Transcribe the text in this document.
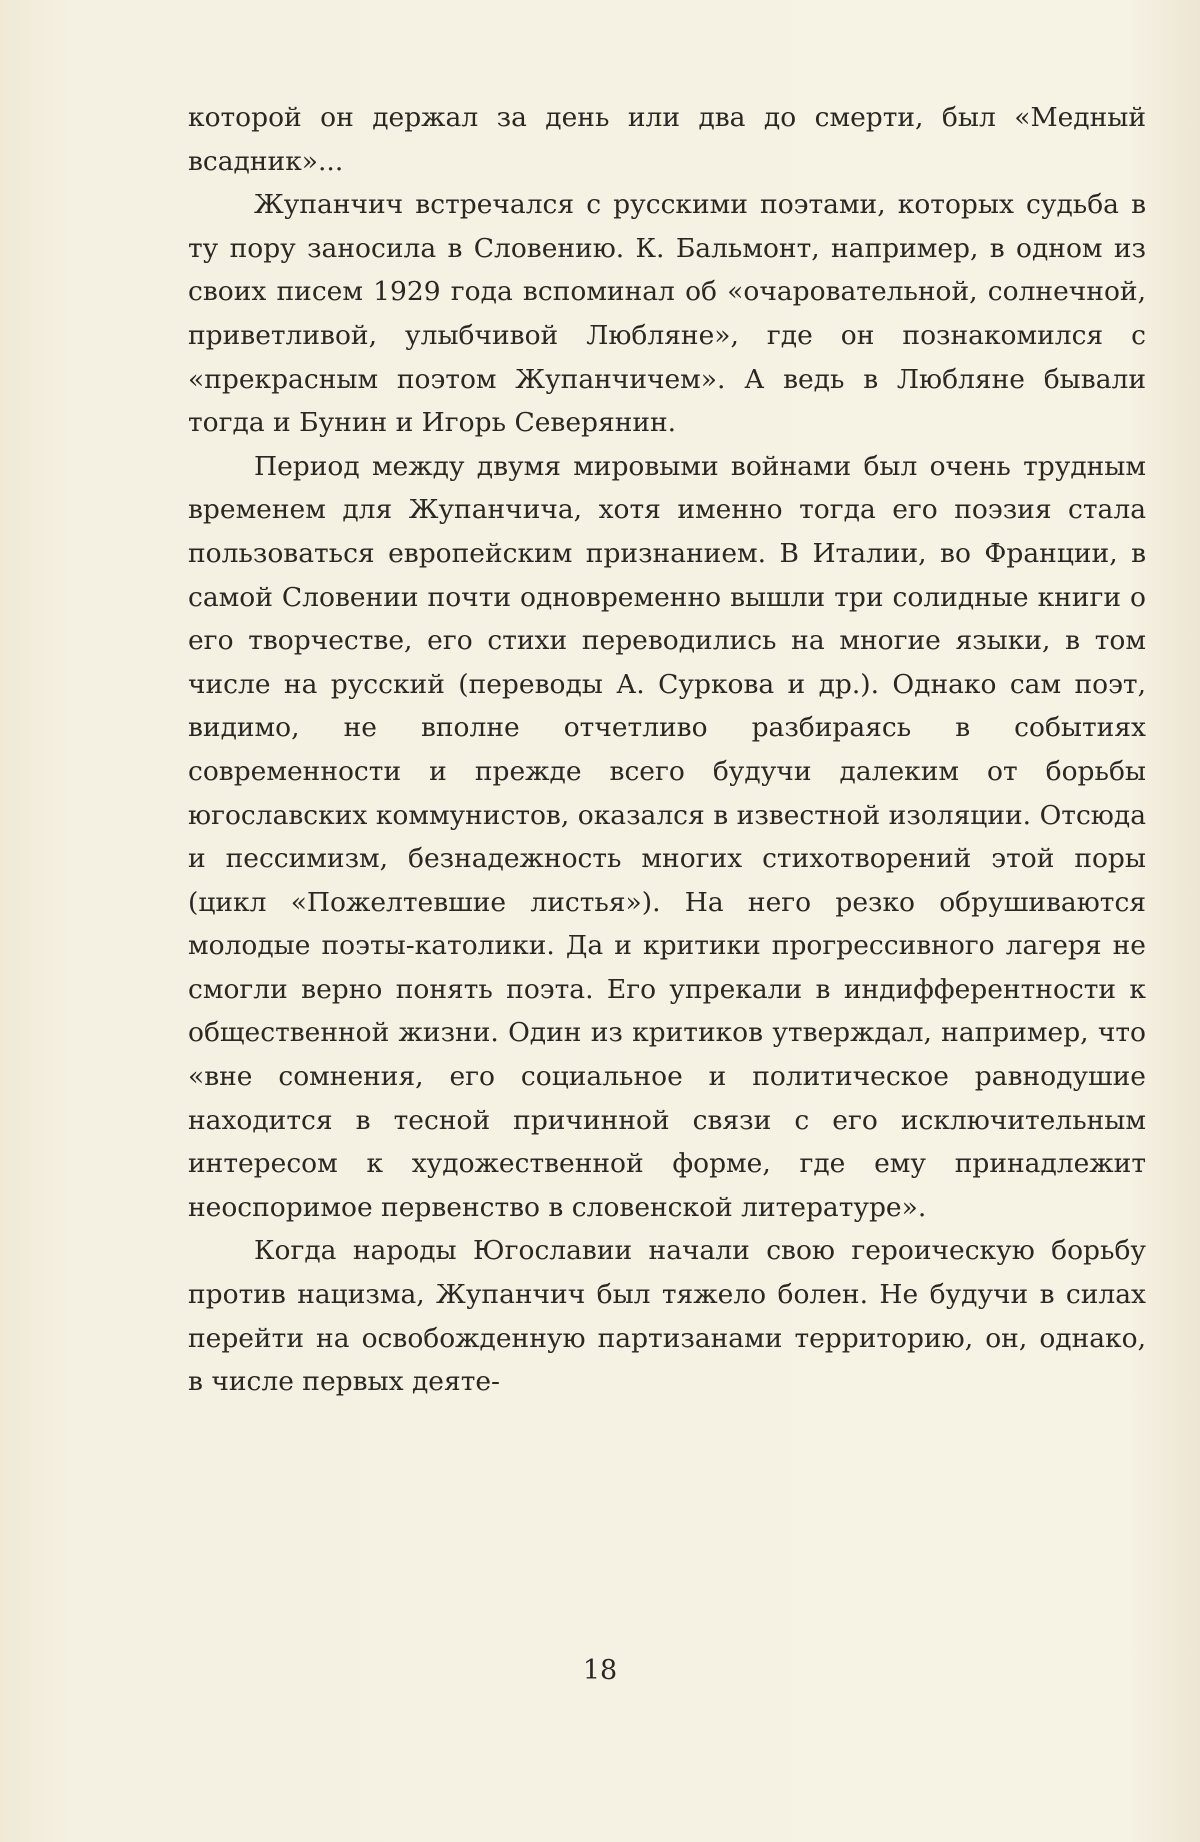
которой он держал за день или два до смерти, был «Медный всадник»...

Жупанчич встречался с русскими поэтами, которых судьба в ту пору заносила в Словению. К. Бальмонт, например, в одном из своих писем 1929 года вспоминал об «очаровательной, солнечной, приветливой, улыбчивой Любляне», где он познакомился с «прекрасным поэтом Жупанчичем». А ведь в Любляне бывали тогда и Бунин и Игорь Северянин.

Период между двумя мировыми войнами был очень трудным временем для Жупанчича, хотя именно тогда его поэзия стала пользоваться европейским признанием. В Италии, во Франции, в самой Словении почти одновременно вышли три солидные книги о его творчестве, его стихи переводились на многие языки, в том числе на русский (переводы А. Суркова и др.). Однако сам поэт, видимо, не вполне отчетливо разбираясь в событиях современности и прежде всего будучи далеким от борьбы югославских коммунистов, оказался в известной изоляции. Отсюда и пессимизм, безнадежность многих стихотворений этой поры (цикл «Пожелтевшие листья»). На него резко обрушиваются молодые поэты-католики. Да и критики прогрессивного лагеря не смогли верно понять поэта. Его упрекали в индифферентности к общественной жизни. Один из критиков утверждал, например, что «вне сомнения, его социальное и политическое равнодушие находится в тесной причинной связи с его исключительным интересом к художественной форме, где ему принадлежит неоспоримое первенство в словенской литературе».

Когда народы Югославии начали свою героическую борьбу против нацизма, Жупанчич был тяжело болен. Не будучи в силах перейти на освобожденную партизанами территорию, он, однако, в числе первых деяте-

18
